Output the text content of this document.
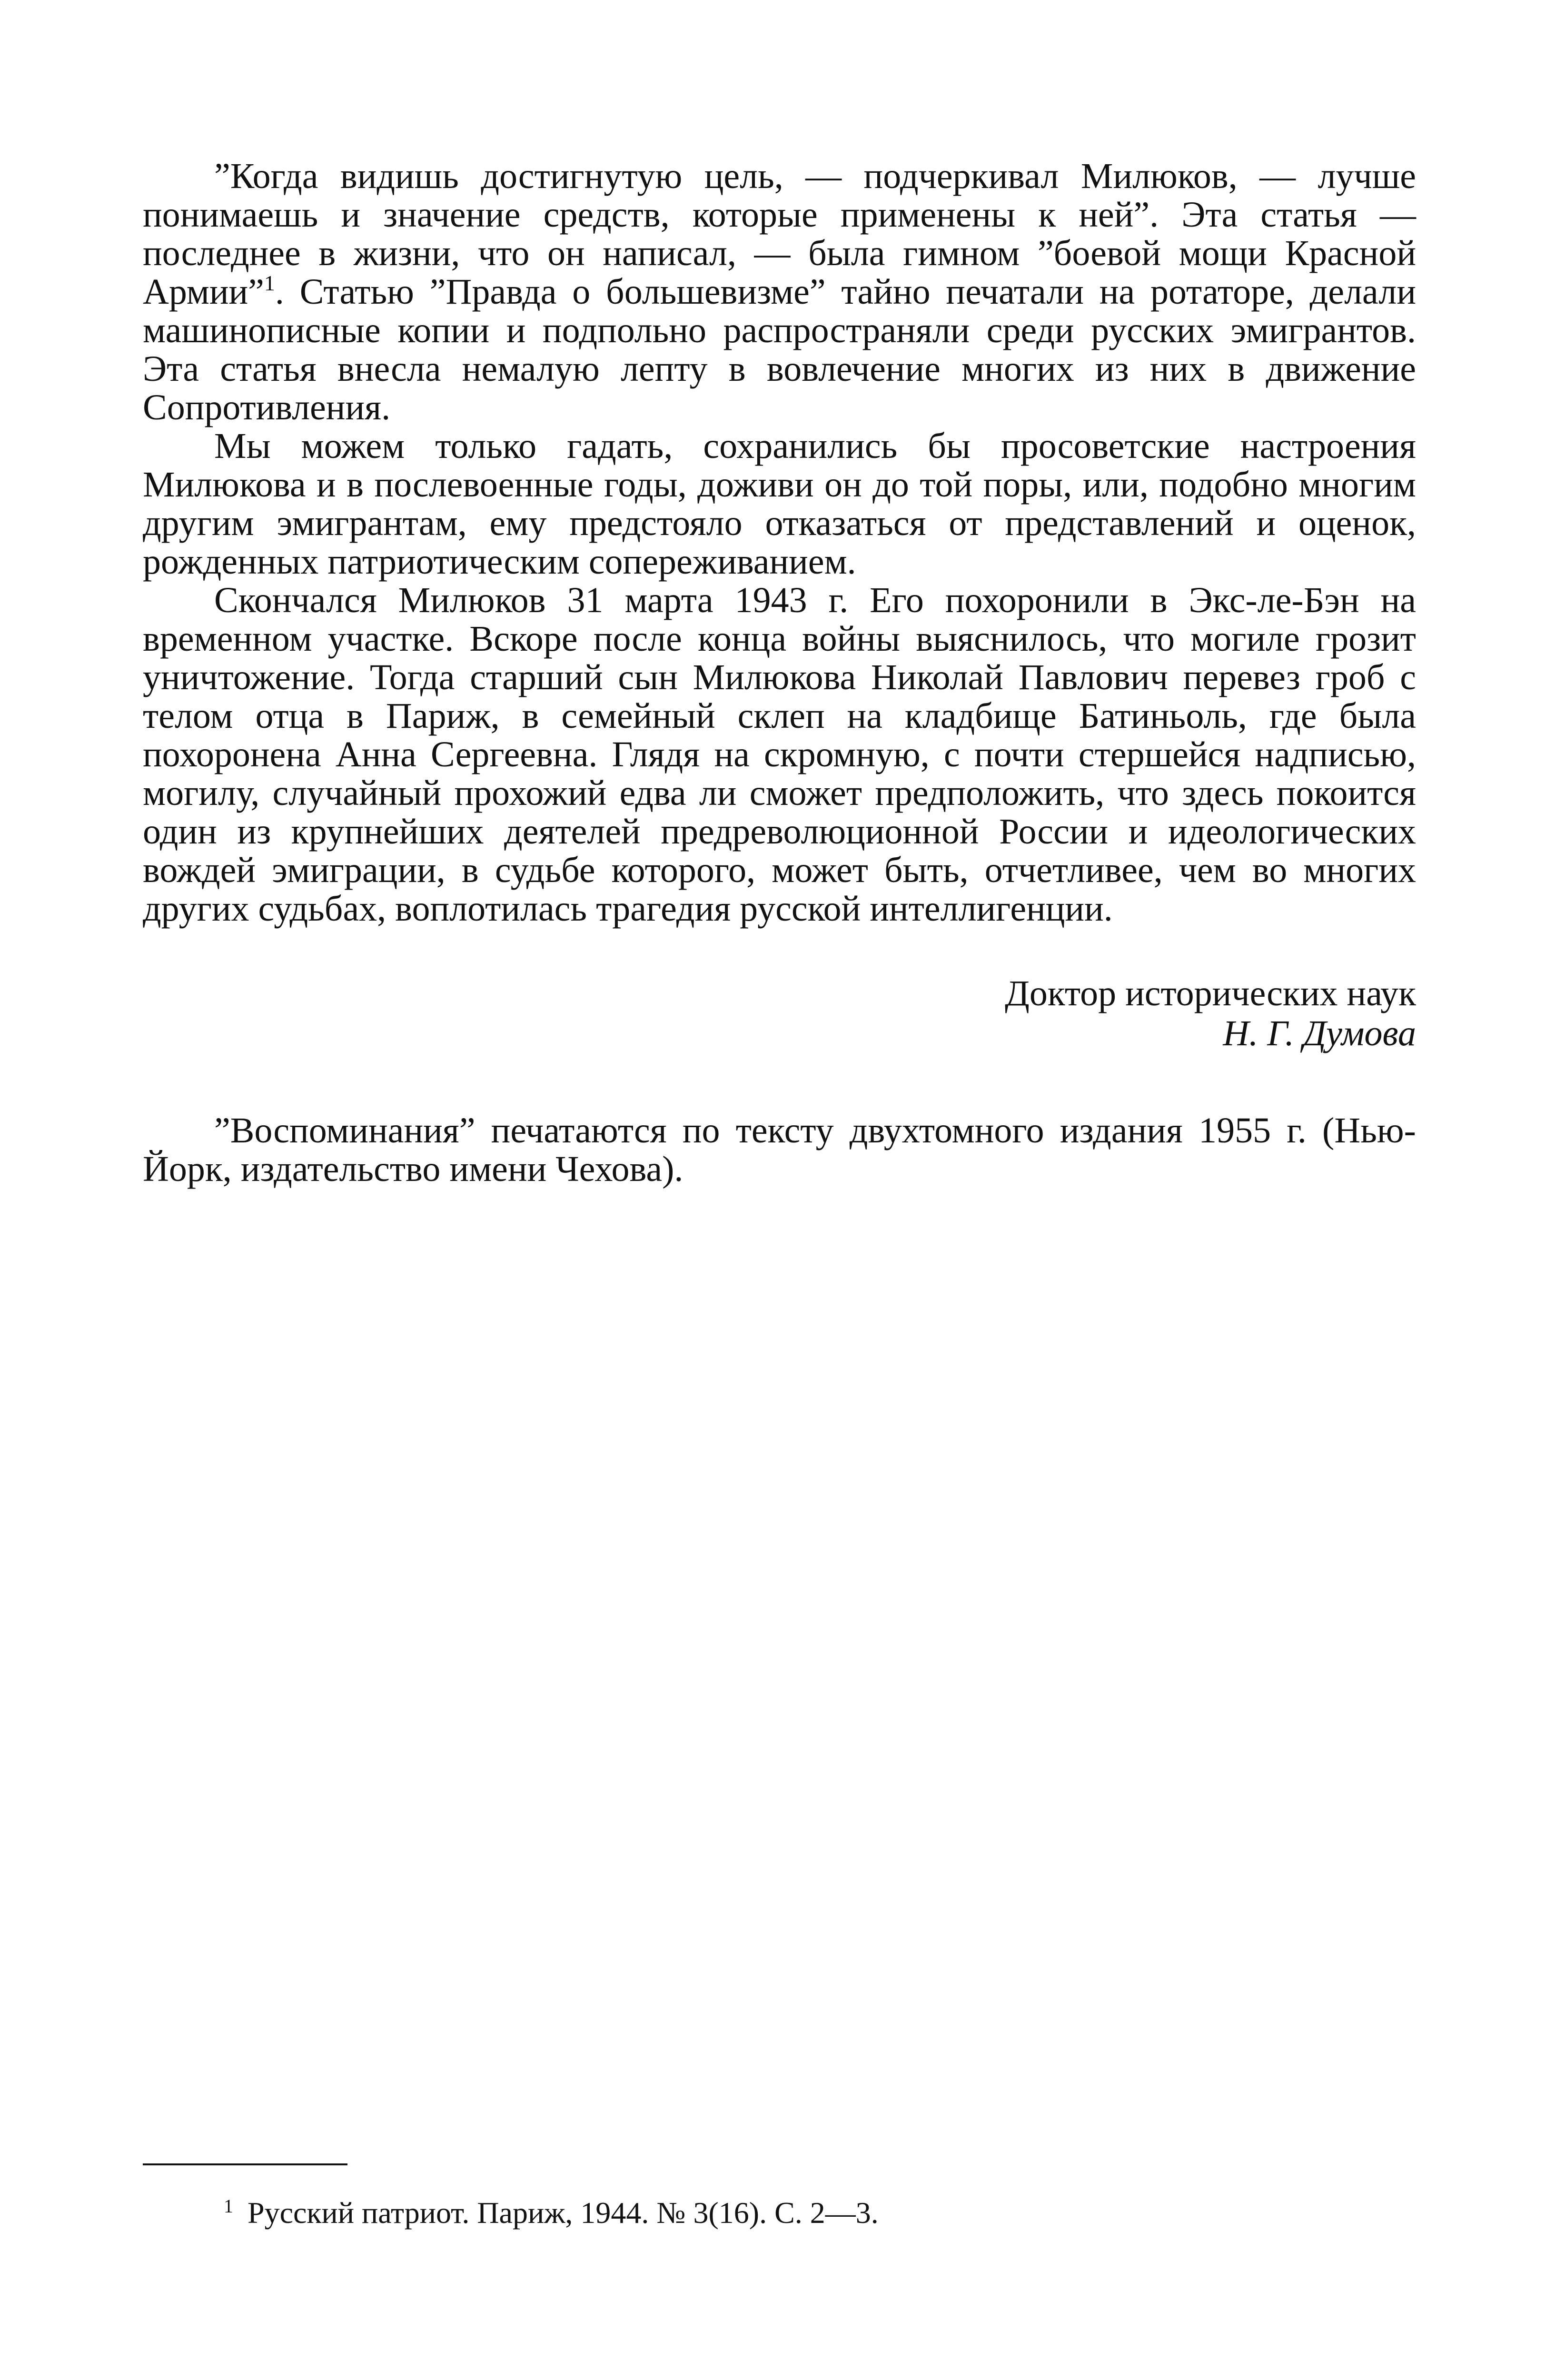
”Когда видишь достигнутую цель, — подчеркивал Милюков, — лучше понимаешь и значение средств, которые применены к ней”. Эта статья — последнее в жизни, что он написал, — была гимном ”боевой мощи Красной Армии”$^1$. Статью ”Правда о большевизме” тайно печатали на ротаторе, делали машинописные копии и подпольно распространяли среди русских эмигрантов. Эта статья внесла немалую лепту в вовлечение многих из них в движение Сопротивления.

Мы можем только гадать, сохранились бы просоветские настроения Милюкова и в послевоенные годы, доживи он до той поры, или, подобно многим другим эмигрантам, ему предстояло отказаться от представлений и оценок, рожденных патриотическим сопереживанием.

Скончался Милюков 31 марта 1943 г. Его похоронили в Экс-ле-Бэн на временном участке. Вскоре после конца войны выяснилось, что могиле грозит уничтожение. Тогда старший сын Милюкова Николай Павлович перевез гроб с телом отца в Париж, в семейный склеп на кладбище Батиньоль, где была похоронена Анна Сергеевна. Глядя на скромную, с почти стершейся надписью, могилу, случайный прохожий едва ли сможет предположить, что здесь покоится один из крупнейших деятелей предреволюционной России и идеологических вождей эмиграции, в судьбе которого, может быть, отчетливее, чем во многих других судьбах, воплотилась трагедия русской интеллигенции.

Доктор исторических наук
Н. Г. Думова

”Воспоминания” печатаются по тексту двухтомного издания 1955 г. (Нью-Йорк, издательство имени Чехова).

$^1$ Русский патриот. Париж, 1944. № 3(16). С. 2—3.
